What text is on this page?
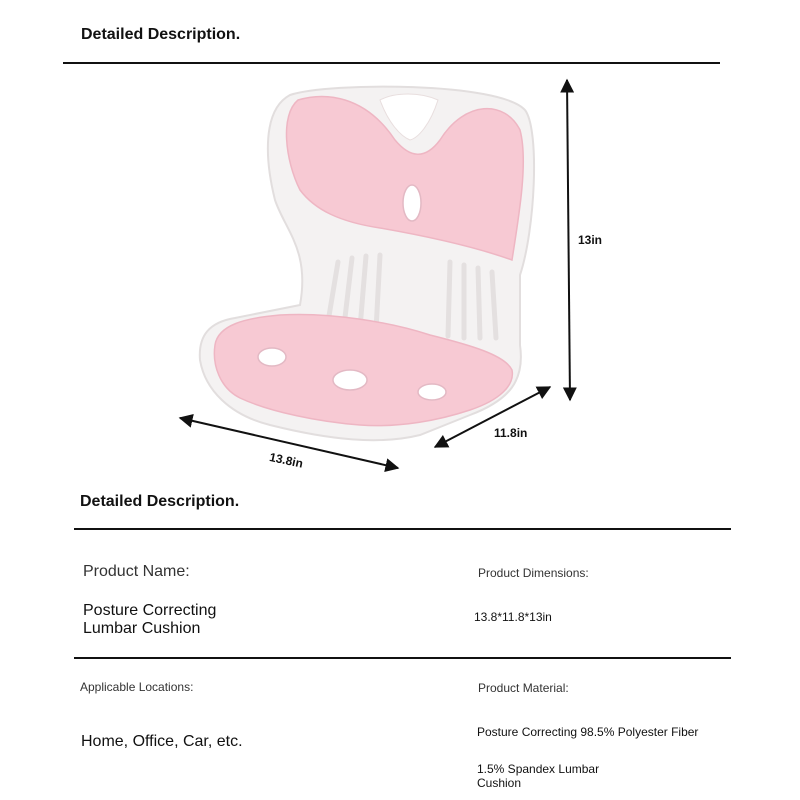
Detailed Description.
13.8in
11.8in
13in
Detailed Description.
Product Name:
Posture Correcting
Lumbar Cushion
Product Dimensions:
13.8*11.8*13in
Applicable Locations:
Home, Office, Car, etc.
Product Material:
Posture Correcting 98.5% Polyester Fiber
1.5% Spandex Lumbar
Cushion
